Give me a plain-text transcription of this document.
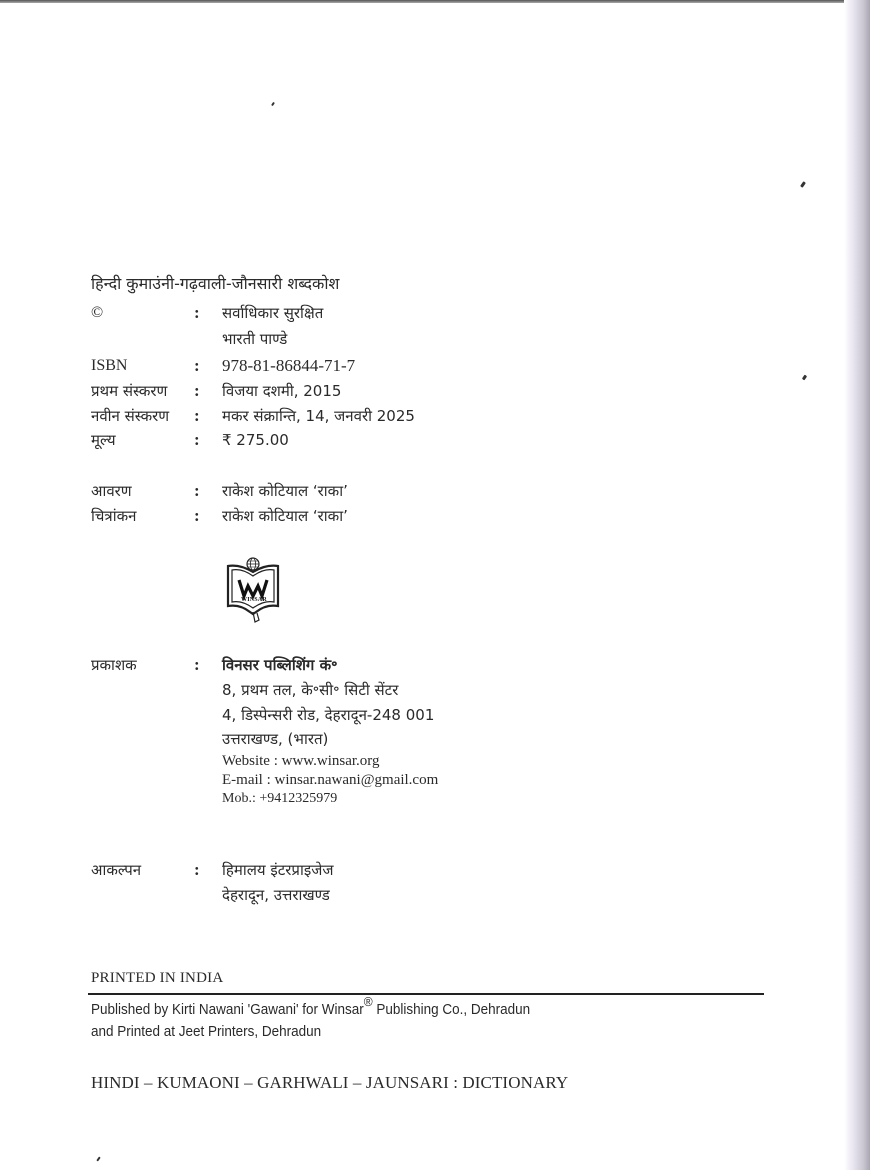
हिन्दी कुमाउंनी-गढ़वाली-जौनसारी शब्दकोश
©	: सर्वाधिकार सुरक्षित
भारती पाण्डे
ISBN	: 978-81-86844-71-7
प्रथम संस्करण : विजया दशमी, 2015
नवीन संस्करण : मकर संक्रान्ति, 14, जनवरी 2025
मूल्य	: ₹ 275.00
आवरण	: राकेश कोटियाल ‘राका’
चित्रांकन	: राकेश कोटियाल ‘राका’
WINSAR
प्रकाशक	: विनसर पब्लिशिंग कं॰
8, प्रथम तल, के॰सी॰ सिटी सेंटर
4, डिस्पेन्सरी रोड, देहरादून-248 001
उत्तराखण्ड, (भारत)
Website : www.winsar.org
E-mail : winsar.nawani@gmail.com
Mob.: +9412325979
आकल्पन	: हिमालय इंटरप्राइजेज
देहरादून, उत्तराखण्ड
PRINTED IN INDIA
Published by Kirti Nawani 'Gawani' for Winsar® Publishing Co., Dehradun
and Printed at Jeet Printers, Dehradun
HINDI – KUMAONI – GARHWALI – JAUNSARI : DICTIONARY
